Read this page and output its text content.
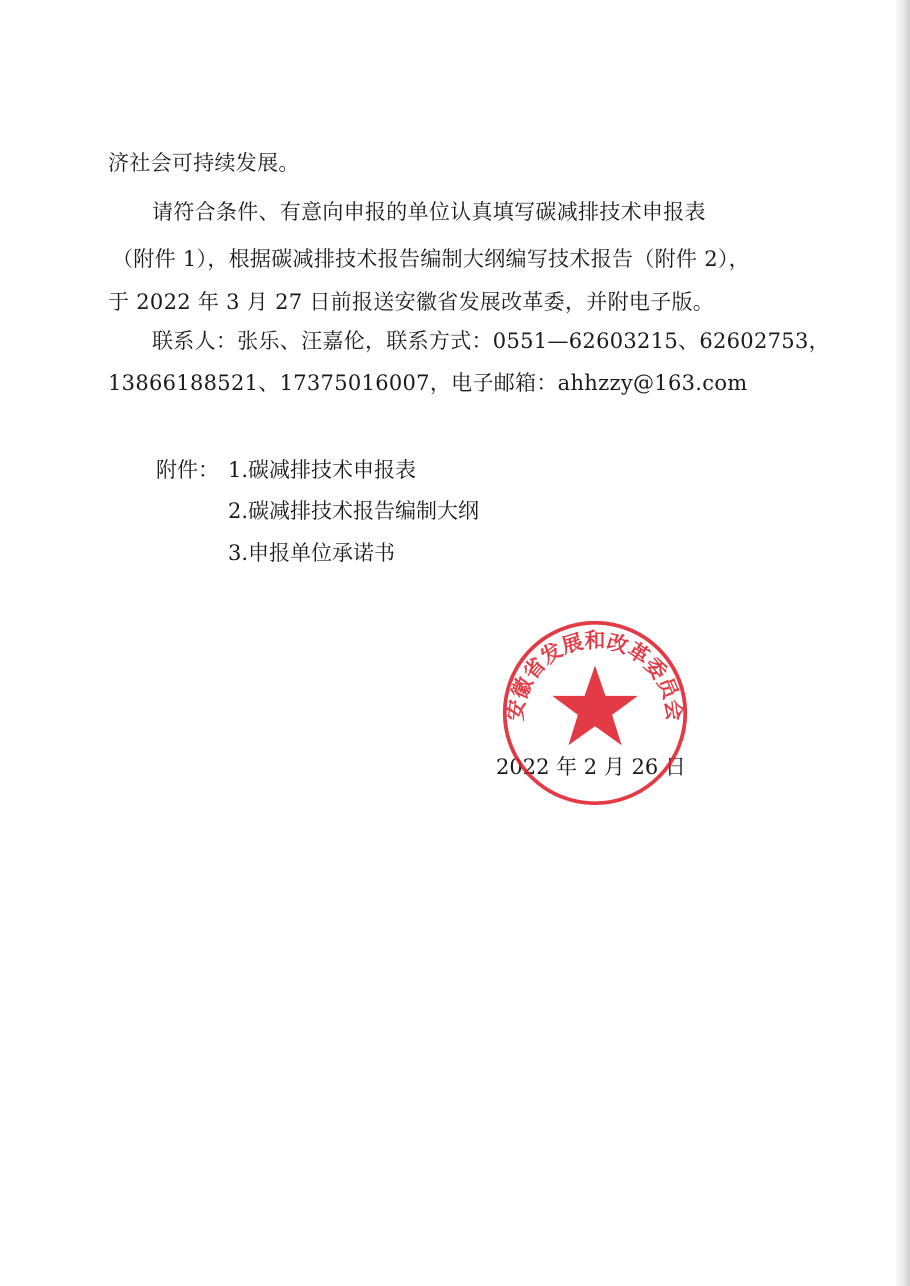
济社会可持续发展。
请符合条件、有意向申报的单位认真填写碳减排技术申报表
（附件 1），根据碳减排技术报告编制大纲编写技术报告（附件 2），
于 2022 年 3 月 27 日前报送安徽省发展改革委，并附电子版。
联系人：张乐、汪嘉伦，联系方式：0551—62603215、62602753，
13866188521、17375016007，电子邮箱：ahhzzy@163.com
附件： 1.碳减排技术申报表
2.碳减排技术报告编制大纲
3.申报单位承诺书
2022 年 2 月 26 日
安徽省发展和改革委员会
